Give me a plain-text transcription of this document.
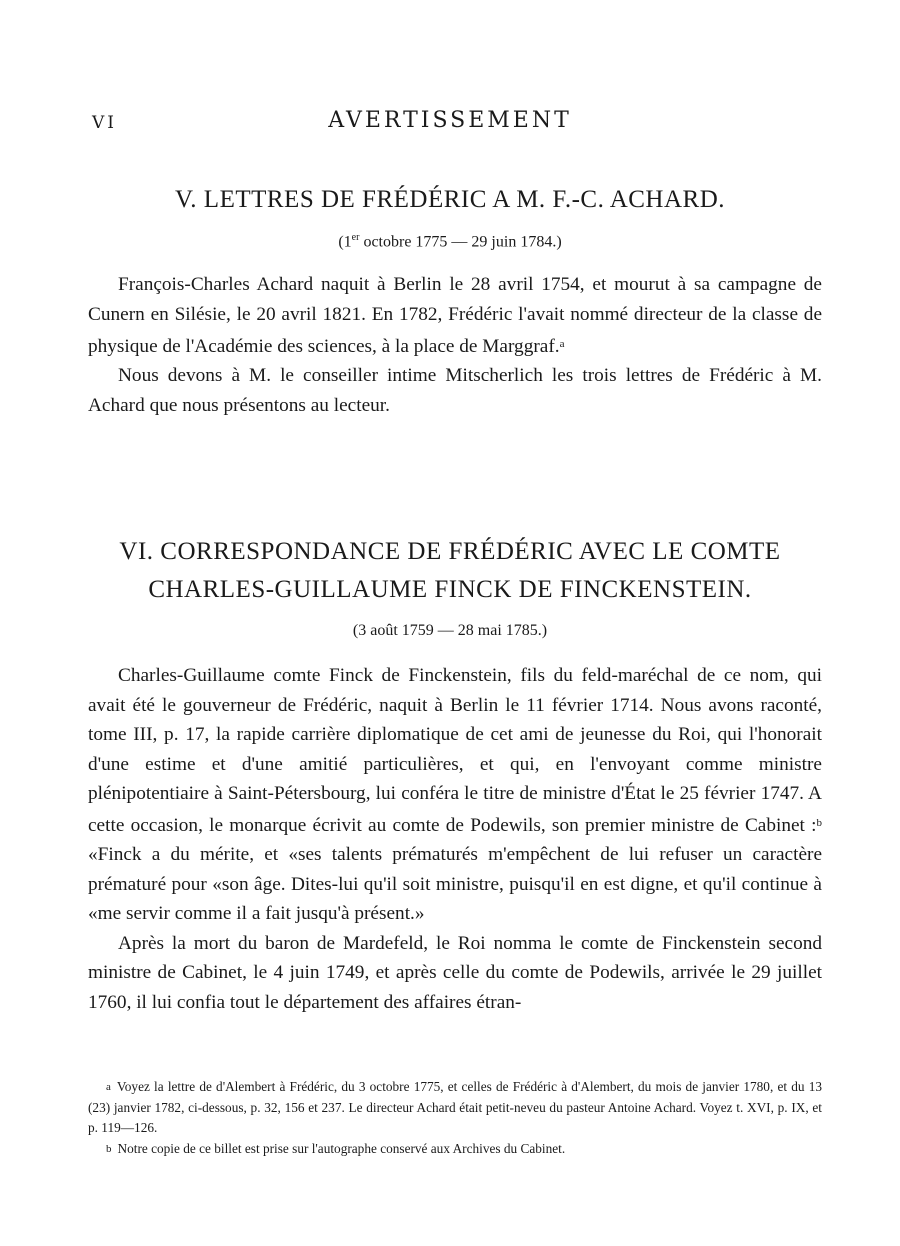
VI	AVERTISSEMENT
V. LETTRES DE FRÉDÉRIC A M. F.-C. ACHARD.
(1er octobre 1775 — 29 juin 1784.)

François-Charles Achard naquit à Berlin le 28 avril 1754, et mourut à sa campagne de Cunern en Silésie, le 20 avril 1821. En 1782, Frédéric l'avait nommé directeur de la classe de physique de l'Académie des sciences, à la place de Marggraf.$^a$

Nous devons à M. le conseiller intime Mitscherlich les trois lettres de Frédéric à M. Achard que nous présentons au lecteur.

VI. CORRESPONDANCE DE FRÉDÉRIC AVEC LE COMTE
CHARLES-GUILLAUME FINCK DE FINCKENSTEIN.
(3 août 1759 — 28 mai 1785.)

Charles-Guillaume comte Finck de Finckenstein, fils du feld-maréchal de ce nom, qui avait été le gouverneur de Frédéric, naquit à Berlin le 11 février 1714. Nous avons raconté, tome III, p. 17, la rapide carrière diplomatique de cet ami de jeunesse du Roi, qui l'honorait d'une estime et d'une amitié particulières, et qui, en l'envoyant comme ministre plénipotentiaire à Saint-Pétersbourg, lui conféra le titre de ministre d'État le 25 février 1747. A cette occasion, le monarque écrivit au comte de Podewils, son premier ministre de Cabinet :$^b$ «Finck a du mérite, et «ses talents prématurés m'empêchent de lui refuser un caractère prématuré pour «son âge. Dites-lui qu'il soit ministre, puisqu'il en est digne, et qu'il continue à «me servir comme il a fait jusqu'à présent.»

Après la mort du baron de Mardefeld, le Roi nomma le comte de Finckenstein second ministre de Cabinet, le 4 juin 1749, et après celle du comte de Podewils, arrivée le 29 juillet 1760, il lui confia tout le département des affaires étran-

a Voyez la lettre de d'Alembert à Frédéric, du 3 octobre 1775, et celles de Frédéric à d'Alembert, du mois de janvier 1780, et du 13 (23) janvier 1782, ci-dessous, p. 32, 156 et 237. Le directeur Achard était petit-neveu du pasteur Antoine Achard. Voyez t. XVI, p. IX, et p. 119—126.

b Notre copie de ce billet est prise sur l'autographe conservé aux Archives du Cabinet.
